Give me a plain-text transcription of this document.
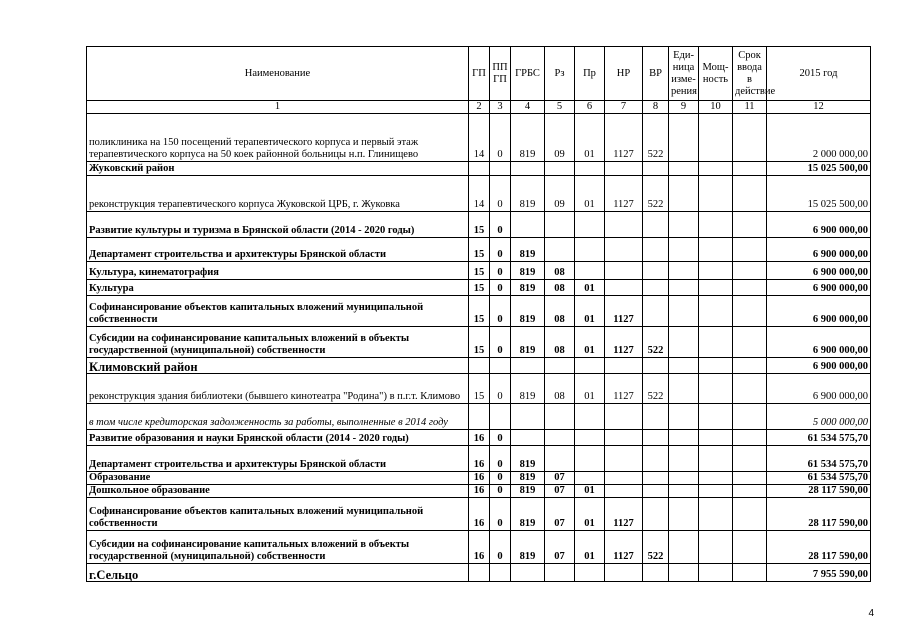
Наименование	ГП	ПП ГП	ГРБС	Рз	Пр	НР	ВР	Еди-ница изме-рения	Мощ-ность	Срок ввода в действие	2015 год
1	2	3	4	5	6	7	8	9	10	11	12
поликлиника на 150 посещений терапевтического корпуса и первый этаж терапевтического корпуса на 50 коек районной больницы н.п. Глинищево	14	0	819	09	01	1127	522				2 000 000,00
Жуковский район											15 025 500,00
реконструкция терапевтического корпуса Жуковской ЦРБ, г. Жуковка	14	0	819	09	01	1127	522				15 025 500,00
Развитие культуры и туризма в Брянской области (2014 - 2020 годы)	15	0									6 900 000,00
Департамент строительства и архитектуры Брянской области	15	0	819								6 900 000,00
Культура, кинематография	15	0	819	08							6 900 000,00
Культура	15	0	819	08	01						6 900 000,00
Софинансирование объектов капитальных вложений муниципальной собственности	15	0	819	08	01	1127					6 900 000,00
Субсидии на софинансирование капитальных вложений в объекты государственной (муниципальной) собственности	15	0	819	08	01	1127	522				6 900 000,00
Климовский район											6 900 000,00
реконструкция здания библиотеки (бывшего кинотеатра "Родина") в п.г.т. Климово	15	0	819	08	01	1127	522				6 900 000,00
в том числе кредиторская задолженность за работы, выполненные в 2014 году											5 000 000,00
Развитие образования и науки Брянской области (2014 - 2020 годы)	16	0									61 534 575,70
Департамент строительства и архитектуры Брянской области	16	0	819								61 534 575,70
Образование	16	0	819	07							61 534 575,70
Дошкольное образование	16	0	819	07	01						28 117 590,00
Софинансирование объектов капитальных вложений муниципальной собственности	16	0	819	07	01	1127					28 117 590,00
Субсидии на софинансирование капитальных вложений в объекты государственной (муниципальной) собственности	16	0	819	07	01	1127	522				28 117 590,00
г.Сельцо											7 955 590,00
4
